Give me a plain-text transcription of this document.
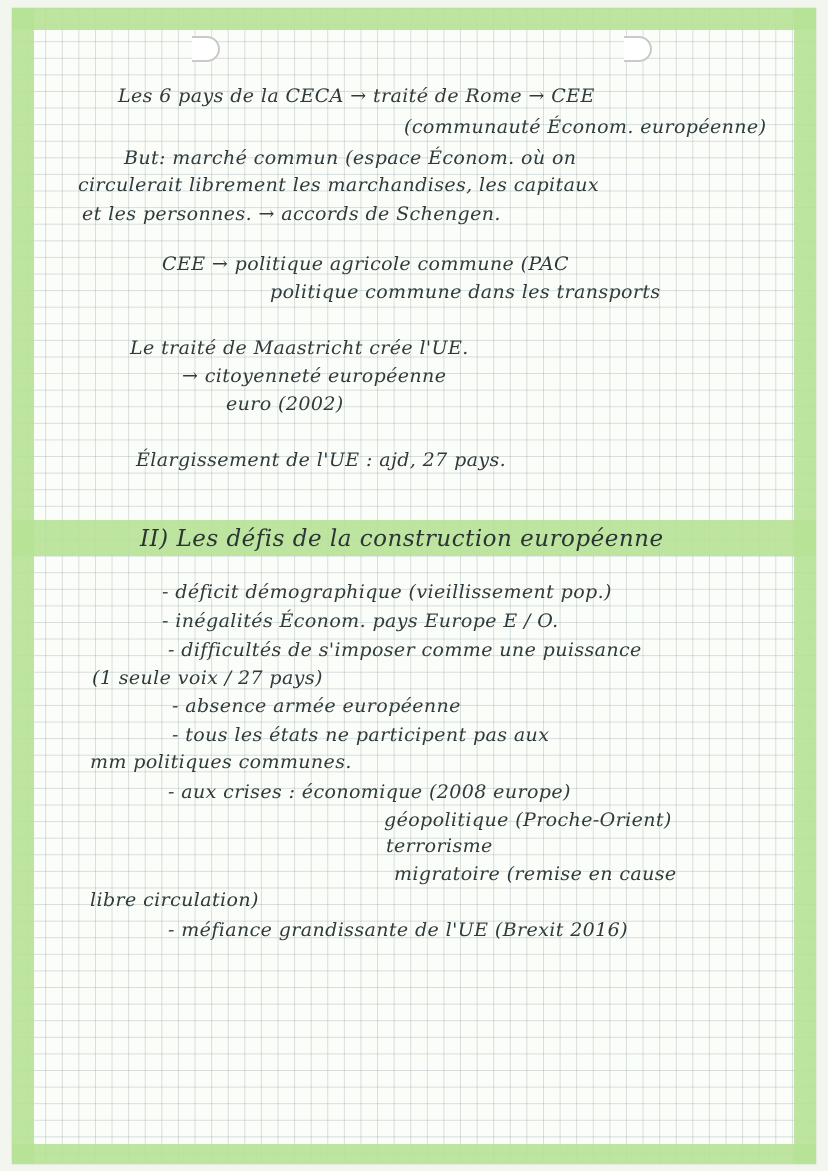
Les 6 pays de la CECA → traité de Rome → CEE
(communauté Économ. européenne)
But: marché commun (espace Économ. où on
circulerait librement les marchandises, les capitaux
et les personnes. → accords de Schengen.
CEE → politique agricole commune (PAC
politique commune dans les transports
Le traité de Maastricht crée l'UE.
→ citoyenneté européenne
euro (2002)
Élargissement de l'UE : ajd, 27 pays.
II) Les défis de la construction européenne
- déficit démographique (vieillissement pop.)
- inégalités Économ. pays Europe E / O.
- difficultés de s'imposer comme une puissance
(1 seule voix / 27 pays)
- absence armée européenne
- tous les états ne participent pas aux
mm politiques communes.
- aux crises : économique (2008 europe)
géopolitique (Proche-Orient)
terrorisme
migratoire (remise en cause
libre circulation)
- méfiance grandissante de l'UE (Brexit 2016)
